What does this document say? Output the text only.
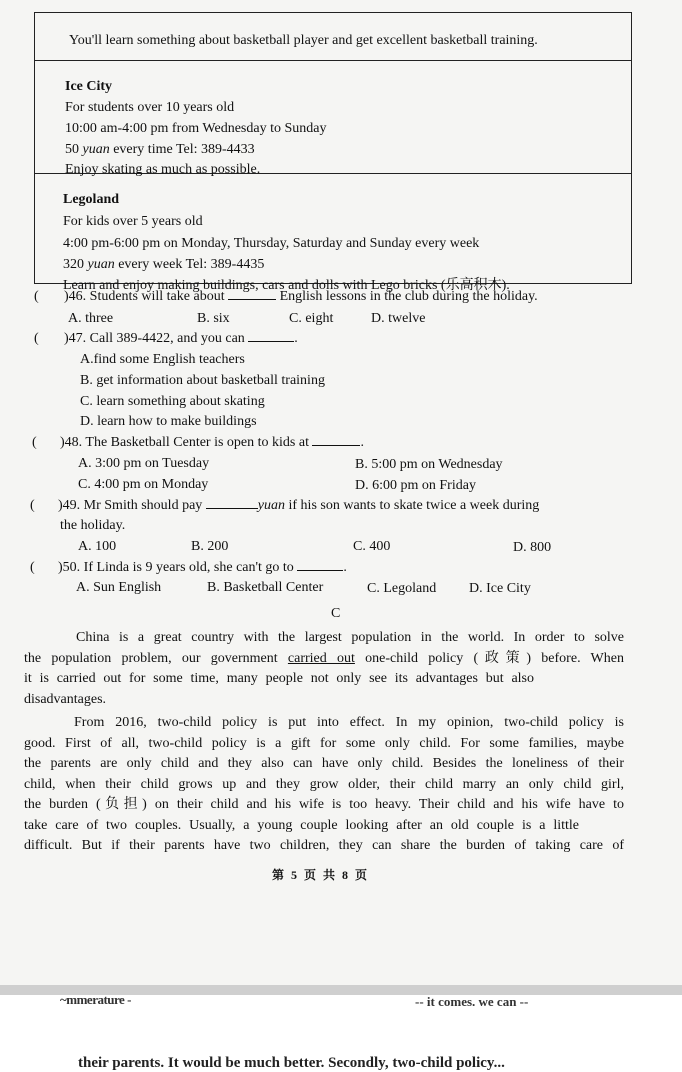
You'll learn something about basketball player and get excellent basketball training.
Ice City
For students over 10 years old
10:00 am-4:00 pm from Wednesday to Sunday
50 yuan every time Tel: 389-4433
Enjoy skating as much as possible.
Legoland
For kids over 5 years old
4:00 pm-6:00 pm on Monday, Thursday, Saturday and Sunday every week
320 yuan every week Tel: 389-4435
Learn and enjoy making buildings, cars and dolls with Lego bricks (乐高积木).
( )46. Students will take about	English lessons in the club during the holiday.
A. three	B. six	C. eight	D. twelve
( )47. Call 389-4422, and you can	.
A.find some English teachers
B. get information about basketball training
C. learn something about skating
D. learn how to make buildings
( )48. The Basketball Center is open to kids at	.
A. 3:00 pm on Tuesday	B. 5:00 pm on Wednesday
C. 4:00 pm on Monday	D. 6:00 pm on Friday
( )49. Mr Smith should pay	yuan if his son wants to skate twice a week during
the holiday.
A. 100	B. 200	C. 400	D. 800
( )50. If Linda is 9 years old, she can't go to	.
A. Sun English	B. Basketball Center	C. Legoland D. Ice City
C

China is a great country with the largest population in the world. In order to solve

the population problem, our government carried out one-child policy (政策) before. When

it is carried out for some time, many people not only see its advantages but also

disadvantages.

From 2016, two-child policy is put into effect. In my opinion, two-child policy is

good. First of all, two-child policy is a gift for some only child. For some families, maybe

the parents are only child and they also can have only child. Besides the loneliness of their

child, when their child grows up and they grow older, their child marry an only child girl,

the burden (负担) on their child and his wife is too heavy. Their child and his wife have to

take care of two couples. Usually, a young couple looking after an old couple is a little

difficult. But if their parents have two children, they can share the burden of taking care of

第 5 页 共 8 页
~mmerature -	-- it comes. we can --
their parents. It would be much better. Secondly, two-child policy...
